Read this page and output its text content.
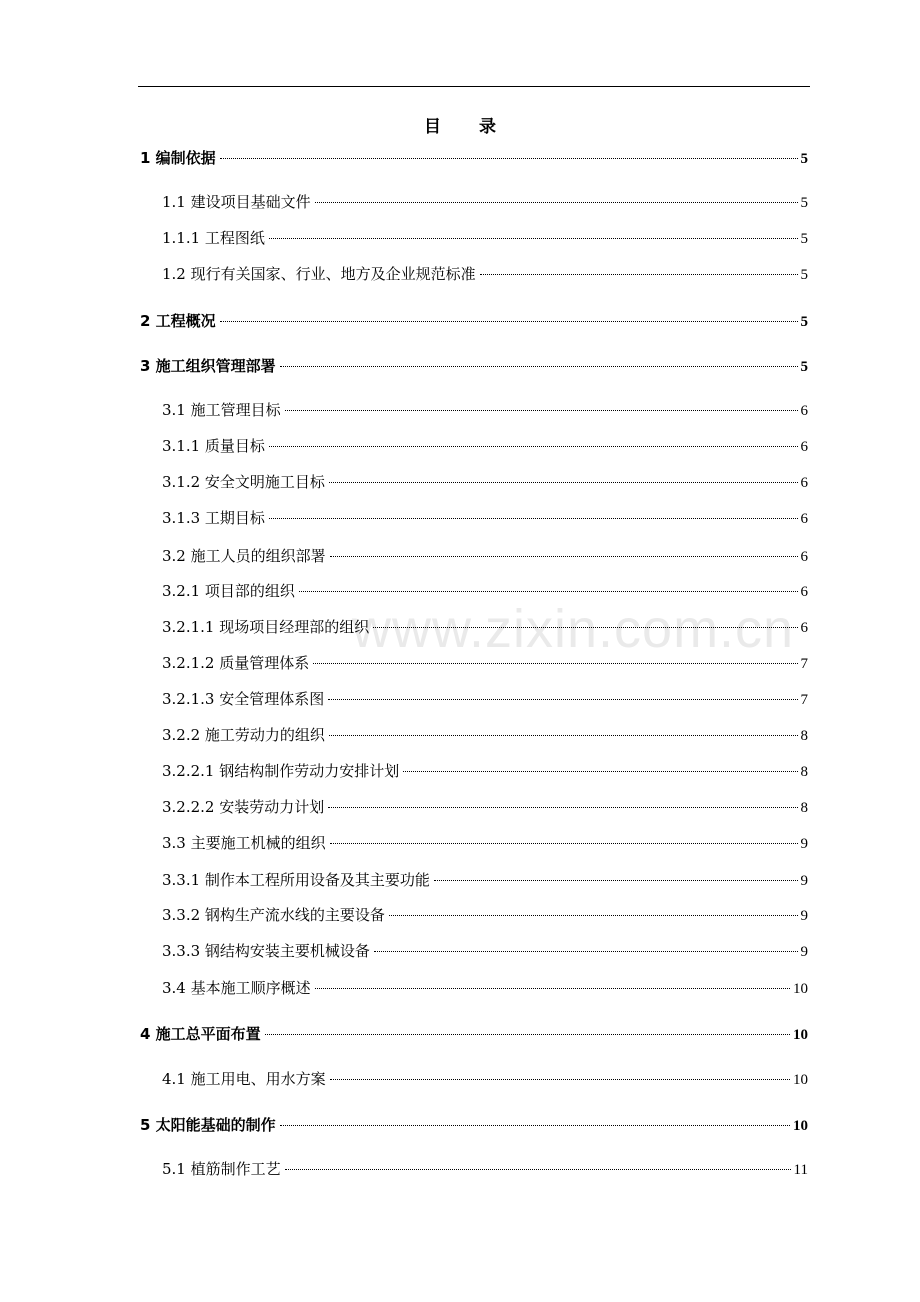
目 录
www.zixin.com.cn
1 编制依据	5
1.1 建设项目基础文件	5
1.1.1 工程图纸	5
1.2 现行有关国家、行业、地方及企业规范标准	5
2 工程概况	5
3 施工组织管理部署	5
3.1 施工管理目标	6
3.1.1 质量目标	6
3.1.2 安全文明施工目标	6
3.1.3 工期目标	6
3.2 施工人员的组织部署	6
3.2.1 项目部的组织	6
3.2.1.1 现场项目经理部的组织	6
3.2.1.2 质量管理体系	7
3.2.1.3 安全管理体系图	7
3.2.2 施工劳动力的组织	8
3.2.2.1 钢结构制作劳动力安排计划	8
3.2.2.2 安装劳动力计划	8
3.3 主要施工机械的组织	9
3.3.1 制作本工程所用设备及其主要功能	9
3.3.2 钢构生产流水线的主要设备	9
3.3.3 钢结构安装主要机械设备	9
3.4 基本施工顺序概述	10
4 施工总平面布置	10
4.1 施工用电、用水方案	10
5 太阳能基础的制作	10
5.1 植筋制作工艺	11
